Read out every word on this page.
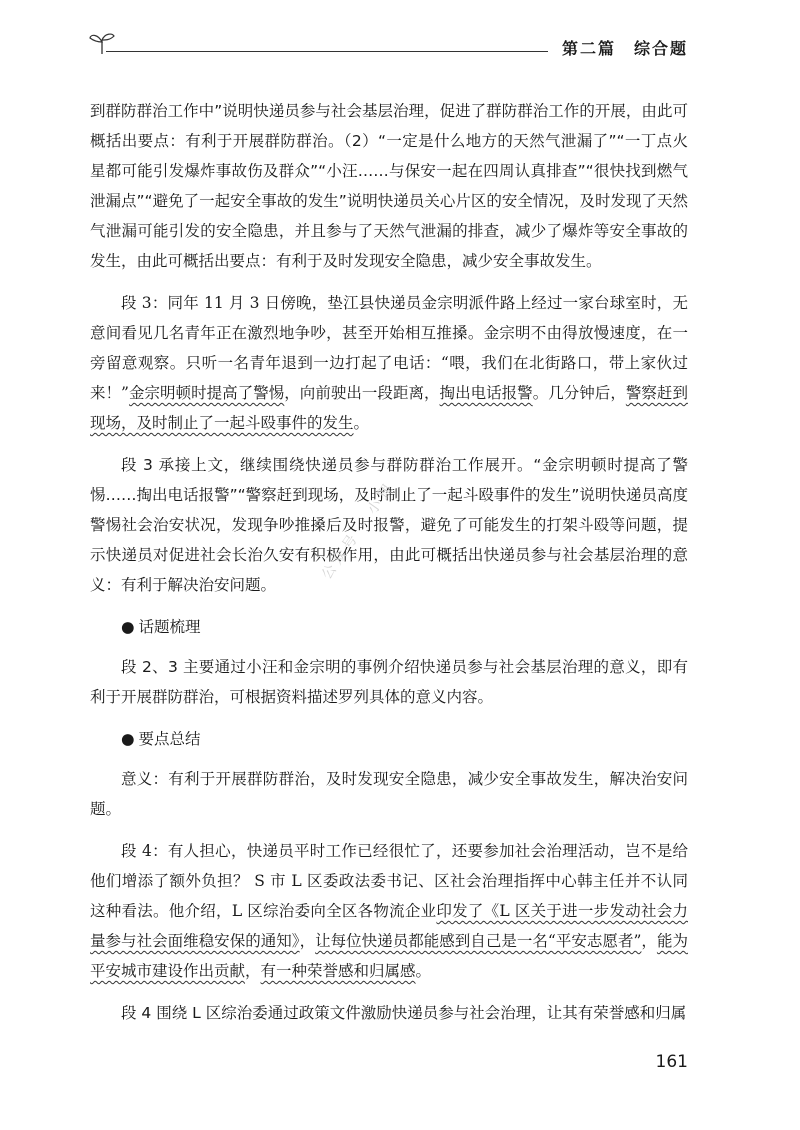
第二篇　综合题

到群防群治工作中”说明快递员参与社会基层治理，促进了群防群治工作的开展，由此可概括出要点：有利于开展群防群治。（2）“一定是什么地方的天然气泄漏了”“一丁点火星都可能引发爆炸事故伤及群众”“小汪……与保安一起在四周认真排查”“很快找到燃气泄漏点”“避免了一起安全事故的发生”说明快递员关心片区的安全情况，及时发现了天然气泄漏可能引发的安全隐患，并且参与了天然气泄漏的排查，减少了爆炸等安全事故的发生，由此可概括出要点：有利于及时发现安全隐患，减少安全事故发生。

段 3：同年 11 月 3 日傍晚，垫江县快递员金宗明派件路上经过一家台球室时，无意间看见几名青年正在激烈地争吵，甚至开始相互推搡。金宗明不由得放慢速度，在一旁留意观察。只听一名青年退到一边打起了电话：“喂，我们在北街路口，带上家伙过来！”金宗明顿时提高了警惕，向前驶出一段距离，掏出电话报警。几分钟后，警察赶到现场，及时制止了一起斗殴事件的发生。

段 3 承接上文，继续围绕快递员参与群防群治工作展开。“金宗明顿时提高了警惕……掏出电话报警”“警察赶到现场，及时制止了一起斗殴事件的发生”说明快递员高度警惕社会治安状况，发现争吵推搡后及时报警，避免了可能发生的打架斗殴等问题，提示快递员对促进社会长治久安有积极作用，由此可概括出快递员参与社会基层治理的意义：有利于解决治安问题。

● 话题梳理

段 2、3 主要通过小汪和金宗明的事例介绍快递员参与社会基层治理的意义，即有利于开展群防群治，可根据资料描述罗列具体的意义内容。

● 要点总结

意义：有利于开展群防群治，及时发现安全隐患，减少安全事故发生，解决治安问题。

段 4：有人担心，快递员平时工作已经很忙了，还要参加社会治理活动，岂不是给他们增添了额外负担？ S 市 L 区委政法委书记、区社会治理指挥中心韩主任并不认同这种看法。他介绍，L 区综治委向全区各物流企业印发了《L 区关于进一步发动社会力量参与社会面维稳安保的通知》，让每位快递员都能感到自己是一名“平安志愿者”，能为平安城市建设作出贡献，有一种荣誉感和归属感。

段 4 围绕 L 区综治委通过政策文件激励快递员参与社会治理，让其有荣誉感和归属

公众号 · 小狸
161
